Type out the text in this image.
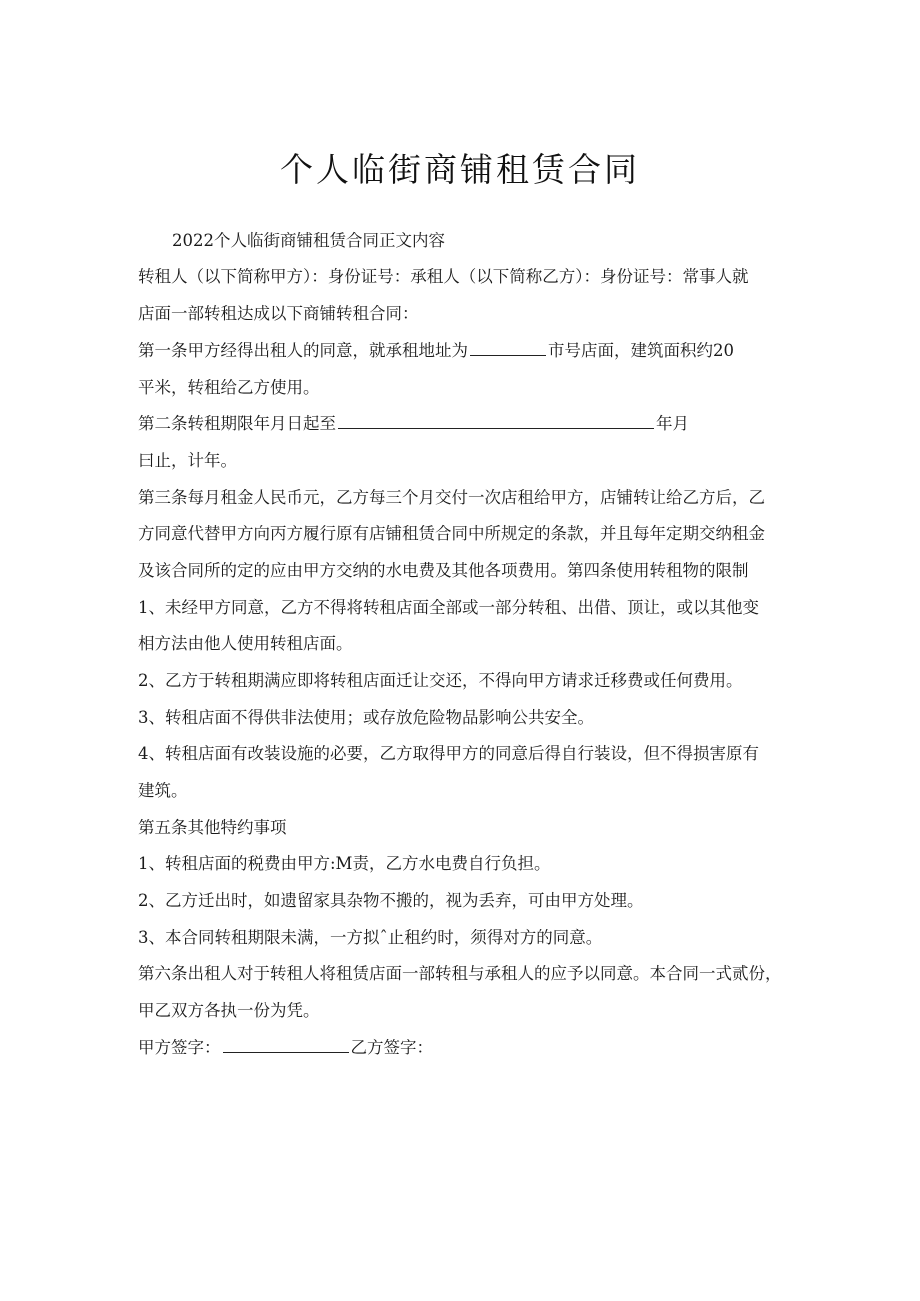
个人临街商铺租赁合同
2022个人临街商铺租赁合同正文内容
转租人（以下简称甲方）：身份证号：承租人（以下简称乙方）：身份证号：常事人就
店面一部转租达成以下商铺转租合同：
第一条甲方经得出租人的同意，就承租地址为	市号店面，建筑面积约20
平米，转租给乙方使用。
第二条转租期限年月日起至	年月
曰止，计年。
第三条每月租金人民币元，乙方每三个月交付一次店租给甲方，店铺转让给乙方后，乙
方同意代替甲方向丙方履行原有店铺租赁合同中所规定的条款，并且每年定期交纳租金
及该合同所的定的应由甲方交纳的水电费及其他各项费用。第四条使用转租物的限制
1、未经甲方同意，乙方不得将转租店面全部或一部分转租、出借、顶让，或以其他变
相方法由他人使用转租店面。
2、乙方于转租期满应即将转租店面迁让交还，不得向甲方请求迁移费或任何费用。
3、转租店面不得供非法使用；或存放危险物品影响公共安全。
4、转租店面有改装设施的必要，乙方取得甲方的同意后得自行装设，但不得损害原有
建筑。
第五条其他特约事项
1、转租店面的税费由甲方:M责，乙方水电费自行负担。
2、乙方迁出时，如遗留家具杂物不搬的，视为丢弃，可由甲方处理。
3、本合同转租期限未满，一方拟ˆ止租约时，须得对方的同意。
第六条出租人对于转租人将租赁店面一部转租与承租人的应予以同意。本合同一式贰份，
甲乙双方各执一份为凭。
甲方签字：	乙方签字：
